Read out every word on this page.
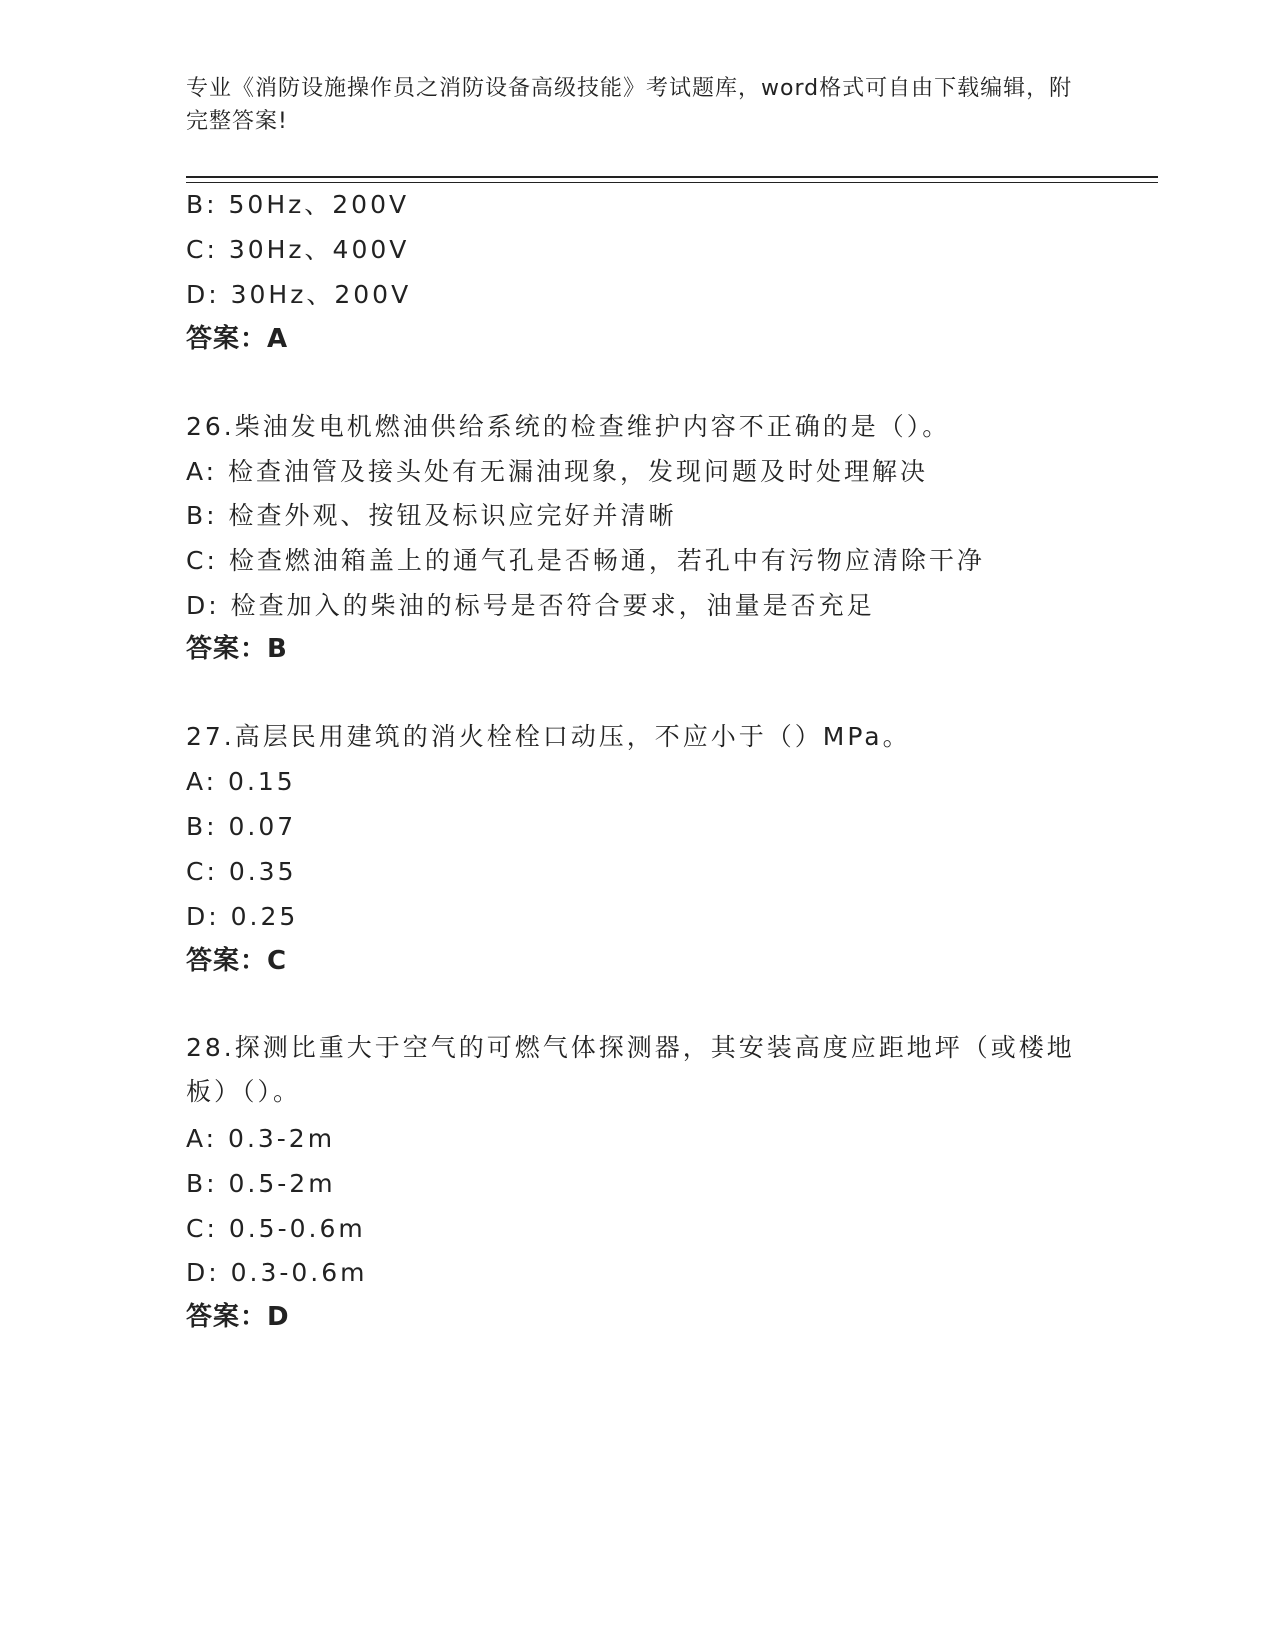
专业《消防设施操作员之消防设备高级技能》考试题库，word格式可自由下载编辑，附完整答案!
B: 50Hz、200V
C: 30Hz、400V
D: 30Hz、200V
答案：A
26.柴油发电机燃油供给系统的检查维护内容不正确的是（）。
A: 检查油管及接头处有无漏油现象，发现问题及时处理解决
B: 检查外观、按钮及标识应完好并清晰
C: 检查燃油箱盖上的通气孔是否畅通，若孔中有污物应清除干净
D: 检查加入的柴油的标号是否符合要求，油量是否充足
答案：B
27.高层民用建筑的消火栓栓口动压，不应小于（）MPa。
A: 0.15
B: 0.07
C: 0.35
D: 0.25
答案：C
28.探测比重大于空气的可燃气体探测器，其安装高度应距地坪（或楼地板）（）。
A: 0.3-2m
B: 0.5-2m
C: 0.5-0.6m
D: 0.3-0.6m
答案：D
